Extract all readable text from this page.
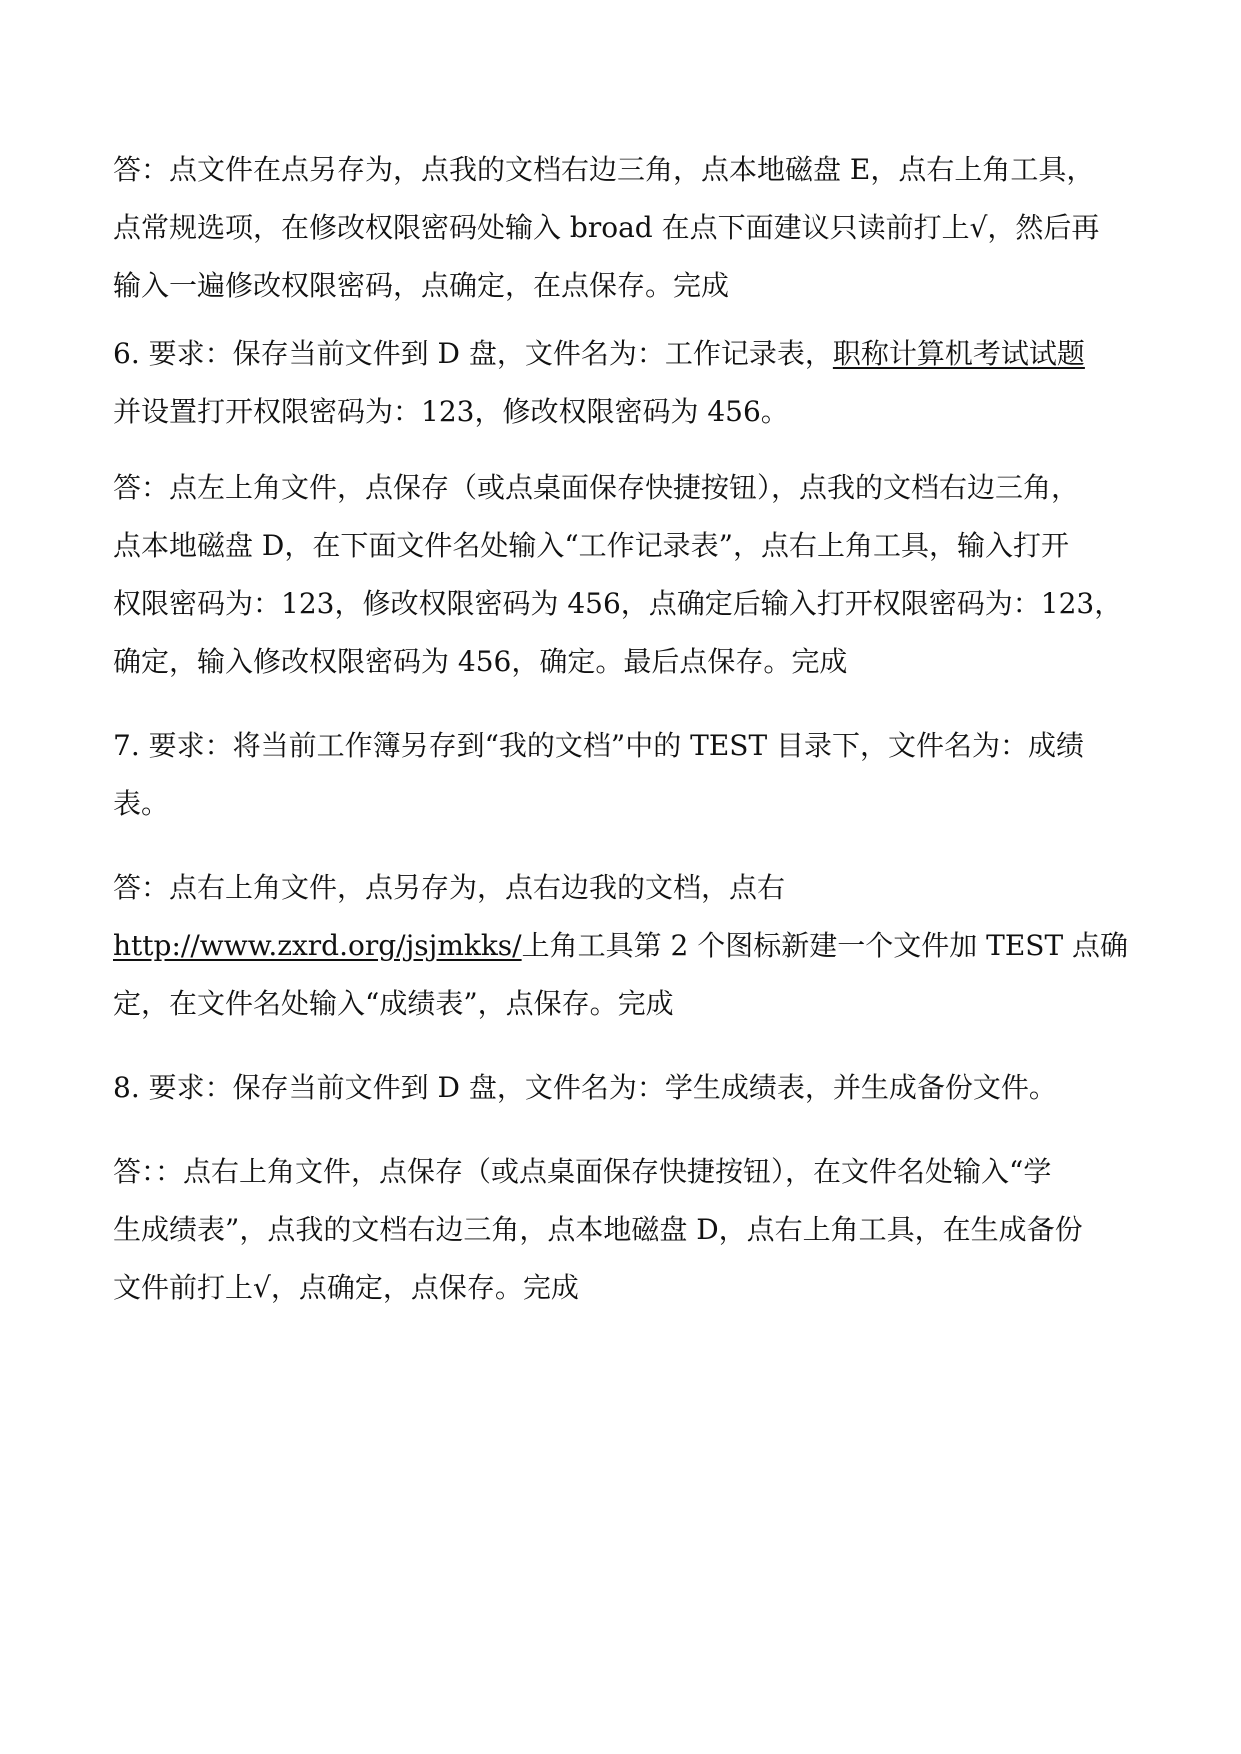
答：点文件在点另存为，点我的文档右边三角，点本地磁盘 E，点右上角工具，
点常规选项，在修改权限密码处输入 broad 在点下面建议只读前打上√，然后再
输入一遍修改权限密码，点确定，在点保存。完成
6. 要求：保存当前文件到 D 盘，文件名为：工作记录表，职称计算机考试试题
并设置打开权限密码为：123，修改权限密码为 456。
答：点左上角文件，点保存（或点桌面保存快捷按钮），点我的文档右边三角，
点本地磁盘 D，在下面文件名处输入“工作记录表”，点右上角工具，输入打开
权限密码为：123，修改权限密码为 456，点确定后输入打开权限密码为：123，
确定，输入修改权限密码为 456，确定。最后点保存。完成
7. 要求：将当前工作簿另存到“我的文档”中的 TEST 目录下，文件名为：成绩
表。
答：点右上角文件，点另存为，点右边我的文档，点右
http://www.zxrd.org/jsjmkks/上角工具第 2 个图标新建一个文件加 TEST 点确
定，在文件名处输入“成绩表”，点保存。完成
8. 要求：保存当前文件到 D 盘，文件名为：学生成绩表，并生成备份文件。
答：：点右上角文件，点保存（或点桌面保存快捷按钮），在文件名处输入“学
生成绩表”，点我的文档右边三角，点本地磁盘 D，点右上角工具，在生成备份
文件前打上√，点确定，点保存。完成
